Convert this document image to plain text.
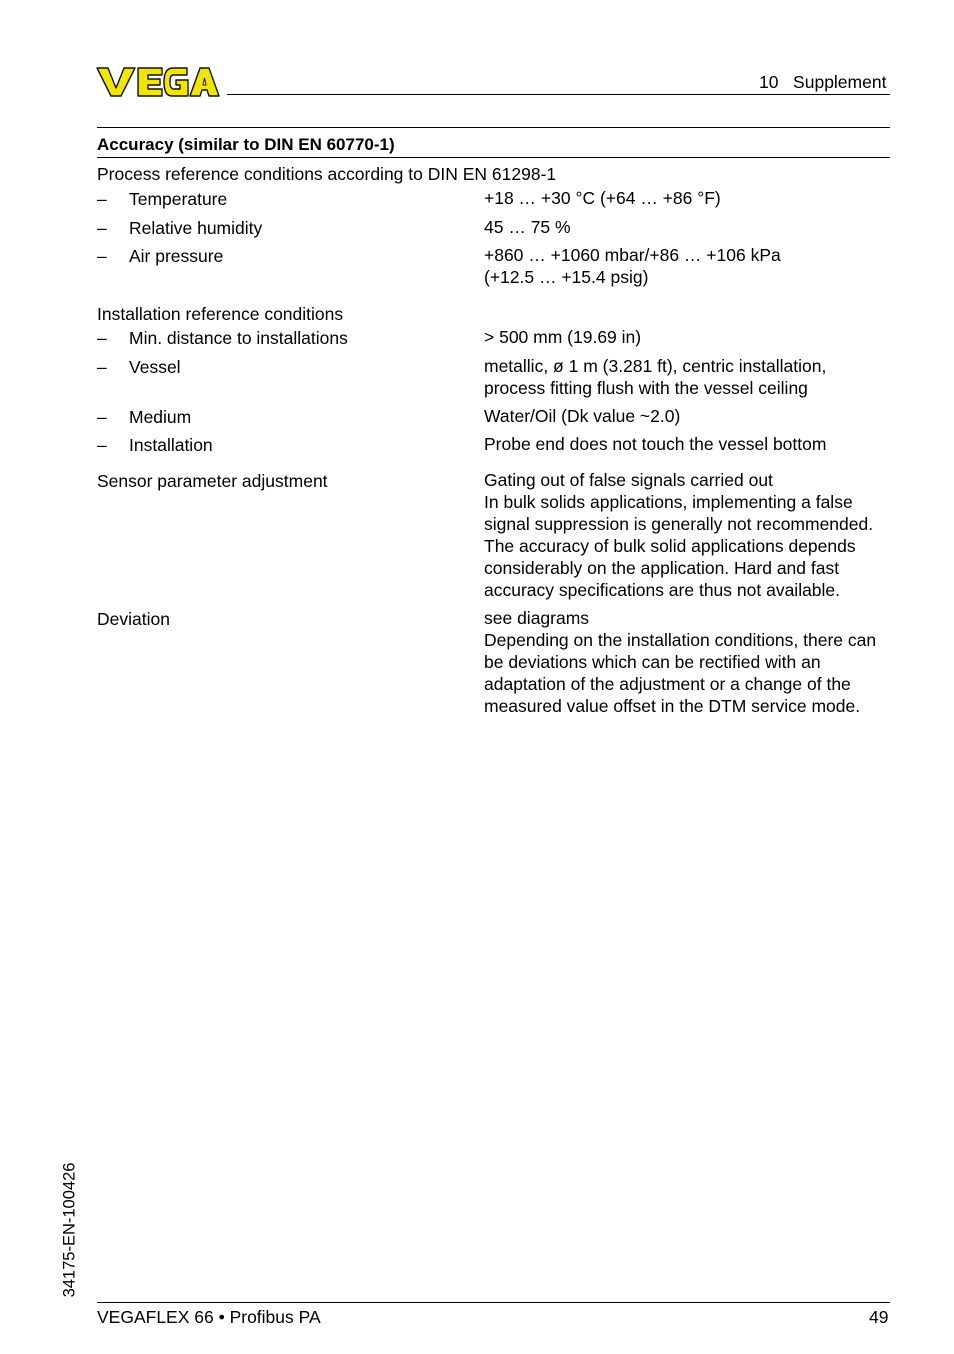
10   Supplement
Accuracy (similar to DIN EN 60770-1)
Process reference conditions according to DIN EN 61298-1
– Temperature	+18 … +30 °C (+64 … +86 °F)
– Relative humidity	45 … 75 %
– Air pressure	+860 … +1060 mbar/+86 … +106 kPa
(+12.5 … +15.4 psig)
Installation reference conditions
– Min. distance to installations	> 500 mm (19.69 in)
– Vessel	metallic, ø 1 m (3.281 ft), centric installation,
process fitting flush with the vessel ceiling
– Medium	Water/Oil (Dk value ~2.0)
– Installation	Probe end does not touch the vessel bottom
Sensor parameter adjustment	Gating out of false signals carried out
In bulk solids applications, implementing a false
signal suppression is generally not recommended.
The accuracy of bulk solid applications depends
considerably on the application. Hard and fast
accuracy specifications are thus not available.
Deviation	see diagrams
Depending on the installation conditions, there can
be deviations which can be rectified with an
adaptation of the adjustment or a change of the
measured value offset in the DTM service mode.
34175-EN-100426
VEGAFLEX 66 • Profibus PA	49
